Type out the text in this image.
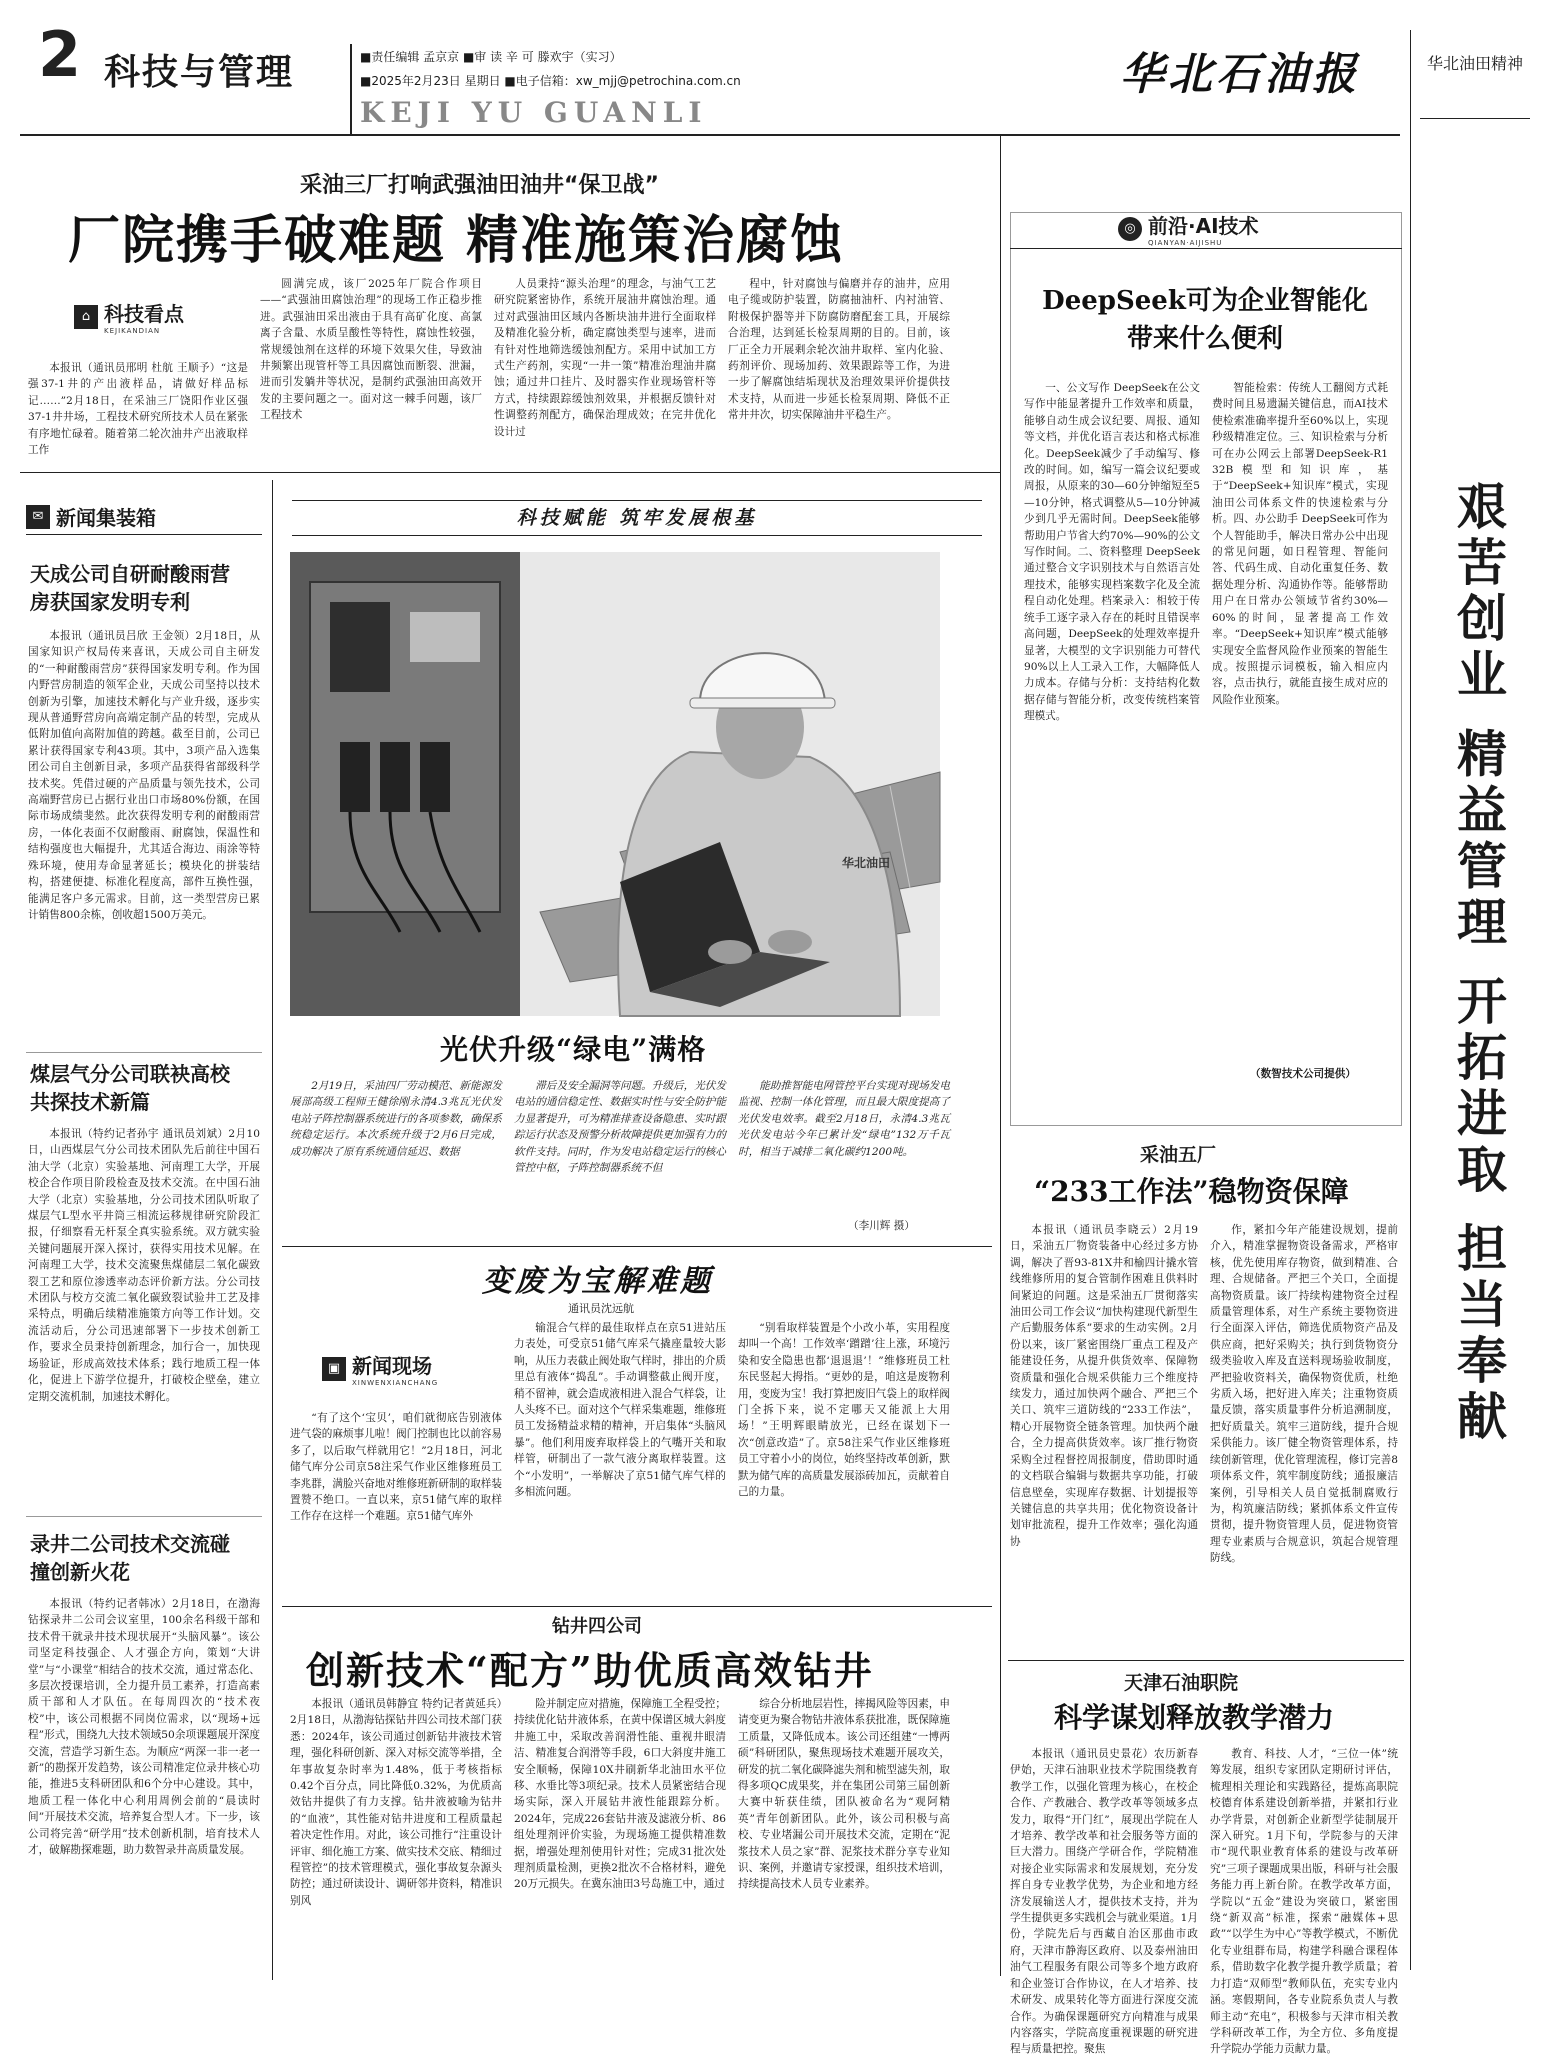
2 科技与管理	■责任编辑 孟京京 ■审 读 辛 可 滕欢宇（实习）
■2025年2月23日 星期日 ■电子信箱：xw_mjj@petrochina.com.cn
KEJI YU GUANLI
华北石油报	华北油田精神
艰苦创业 精益管理 开拓进取 担当奉献
采油三厂打响武强油田油井“保卫战”
厂院携手破难题 精准施策治腐蚀
⌂ 科技看点
KEJIKANDIAN

本报讯（通讯员邢明 杜航 王顺予）“这是强37-1井的产出液样品，请做好样品标记……”2月18日，在采油三厂饶阳作业区强37-1井井场，工程技术研究所技术人员在紧张有序地忙碌着。随着第二轮次油井产出液取样工作

圆满完成，该厂2025年厂院合作项目——“武强油田腐蚀治理”的现场工作正稳步推进。武强油田采出液由于具有高矿化度、高氯离子含量、水质呈酸性等特性，腐蚀性较强，常规缓蚀剂在这样的环境下效果欠佳，导致油井频繁出现管杆等工具因腐蚀而断裂、泄漏，进而引发躺井等状况，是制约武强油田高效开发的主要问题之一。面对这一棘手问题，该厂工程技术

人员秉持“源头治理”的理念，与油气工艺研究院紧密协作，系统开展油井腐蚀治理。通过对武强油田区域内各断块油井进行全面取样及精准化验分析，确定腐蚀类型与速率，进而有针对性地筛选缓蚀剂配方。采用中试加工方式生产药剂，实现“一井一策”精准治理油井腐蚀；通过井口挂片、及时器实作业现场管杆等方式，持续跟踪缓蚀剂效果，并根据反馈针对性调整药剂配方，确保治理成效；在完井优化设计过

程中，针对腐蚀与偏磨并存的油井，应用电子缆或防护装置，防腐抽油杆、内衬油管、附极保护器等并下防腐防磨配套工具，开展综合治理，达到延长检泵周期的目的。目前，该厂正全力开展剩余轮次油井取样、室内化验、药剂评价、现场加药、效果跟踪等工作，为进一步了解腐蚀结垢现状及治理效果评价提供技术支持，从而进一步延长检泵周期、降低不正常井井次，切实保障油井平稳生产。

✉ 新闻集装箱
天成公司自研耐酸雨营房获国家发明专利

本报讯（通讯员吕欣 王金领）2月18日，从国家知识产权局传来喜讯，天成公司自主研发的“一种耐酸雨营房”获得国家发明专利。作为国内野营房制造的领军企业，天成公司坚持以技术创新为引擎，加速技术孵化与产业升级，逐步实现从普通野营房向高端定制产品的转型，完成从低附加值向高附加值的跨越。截至目前，公司已累计获得国家专利43项。其中，3项产品入选集团公司自主创新目录，多项产品获得省部级科学技术奖。凭借过硬的产品质量与领先技术，公司高端野营房已占据行业出口市场80%份额，在国际市场成绩斐然。此次获得发明专利的耐酸雨营房，一体化表面不仅耐酸雨、耐腐蚀，保温性和结构强度也大幅提升，尤其适合海边、雨涂等特殊环境，使用寿命显著延长；模块化的拼装结构，搭建便捷、标准化程度高，部件互换性强，能满足客户多元需求。目前，这一类型营房已累计销售800余栋，创收超1500万美元。

煤层气分公司联袂高校共探技术新篇

本报讯（特约记者孙宇 通讯员刘斌）2月10日，山西煤层气分公司技术团队先后前往中国石油大学（北京）实验基地、河南理工大学，开展校企合作项目阶段检查及技术交流。在中国石油大学（北京）实验基地，分公司技术团队听取了煤层气L型水平井筒三相流运移规律研究阶段汇报，仔细察看无杆泵全真实验系统。双方就实验关键问题展开深入探讨，获得实用技术见解。在河南理工大学，技术交流聚焦煤储层二氧化碳致裂工艺和原位渗透率动态评价新方法。分公司技术团队与校方交流二氧化碳致裂试验井工艺及排采特点，明确后续精准施策方向等工作计划。交流活动后，分公司迅速部署下一步技术创新工作，要求全员秉持创新理念，加行合一，加快现场验证，形成高效技术体系；践行地质工程一体化，促进上下游学位提升，打破校企壁垒，建立定期交流机制，加速技术孵化。

录井二公司技术交流碰撞创新火花

本报讯（特约记者韩冰）2月18日，在渤海钻探录井二公司会议室里，100余名科级干部和技术骨干就录井技术现状展开“头脑风暴”。该公司坚定科技强企、人才强企方向，策划“大讲堂”与“小课堂”相结合的技术交流，通过常态化、多层次授课培训，全力提升员工素养，打造高素质干部和人才队伍。在每周四次的“技术夜校”中，该公司根据不同岗位需求，以“现场+远程”形式，围绕九大技术领域50余项课题展开深度交流，营造学习新生态。为顺应“两深一非一老一新”的勘探开发趋势，该公司精准定位录井核心功能，推进5支科研团队和6个分中心建设。其中，地质工程一体化中心利用周例会前的“晨读时间”开展技术交流，培养复合型人才。下一步，该公司将完善“研学用”技术创新机制，培育技术人才，破解勘探难题，助力数智录井高质量发展。

科技赋能 筑牢发展根基
华北油田
光伏升级“绿电”满格

2月19日，采油四厂劳动模范、新能源发展部高级工程师王健徐刚永清4.3兆瓦光伏发电站子阵控制器系统进行的各项参数，确保系统稳定运行。本次系统升级于2月6日完成，成功解决了原有系统通信延迟、数据

滞后及安全漏洞等问题。升级后，光伏发电站的通信稳定性、数据实时性与安全防护能力显著提升，可为精准排查设备隐患、实时跟踪运行状态及预警分析故障提供更加强有力的软件支持。同时，作为发电站稳定运行的核心管控中枢，子阵控制器系统不但

能助推智能电网管控平台实现对现场发电监视、控制一体化管理，而且最大限度提高了光伏发电效率。截至2月18日，永清4.3兆瓦光伏发电站今年已累计发“绿电”132万千瓦时，相当于减排二氧化碳约1200吨。

（李川辉 摄）
变废为宝解难题
通讯员沈远航
▣ 新闻现场
XINWENXIANCHANG

“有了这个‘宝贝’，咱们就彻底告别液体进气袋的麻烦事儿啦！阀门控制也比以前容易多了，以后取气样就用它！”2月18日，河北储气库分公司京58注采气作业区维修班员工李兆群，满脸兴奋地对维修班新研制的取样装置赞不绝口。一直以来，京51储气库的取样工作存在这样一个难题。京51储气库外

输混合气样的最佳取样点在京51进站压力表处，可受京51储气库采气撬座量较大影响，从压力表截止阀处取气样时，排出的介质里总有液体“捣乱”。手动调整截止阀开度，稍不留神，就会造成液相进入混合气样袋，让人头疼不已。面对这个气样采集难题，维修班员工发扬精益求精的精神，开启集体“头脑风暴”。他们利用废弃取样袋上的气嘴开关和取样管，研制出了一款气液分离取样装置。这个“小发明”，一举解决了京51储气库气样的多相流问题。

“别看取样装置是个小改小革，实用程度却叫一个高！工作效率‘蹭蹭’往上涨，环境污染和安全隐患也都‘退退退’！”维修班员工杜东民竖起大拇指。“更妙的是，咱这是废物利用，变废为宝！我打算把废旧气袋上的取样阀门全拆下来，说不定哪天又能派上大用场！”王明辉眼睛放光，已经在谋划下一次“创意改造”了。京58注采气作业区维修班员工守着小小的岗位，始终坚持改革创新，默默为储气库的高质量发展添砖加瓦，贡献着自己的力量。

钻井四公司
创新技术“配方”助优质高效钻井

本报讯（通讯员韩静宜 特约记者黄延兵）2月18日，从渤海钻探钻井四公司技术部门获悉：2024年，该公司通过创新钻井液技术管理，强化科研创新、深入对标交流等举措，全年事故复杂时率为1.48%，低于考核指标0.42个百分点，同比降低0.32%，为优质高效钻井提供了有力支撑。钻井液被喻为钻井的“血液”，其性能对钻井进度和工程质量起着决定性作用。对此，该公司推行“注重设计评审、细化施工方案、做实技术交底、精细过程管控”的技术管理模式，强化事故复杂源头防控；通过研读设计、调研邻井资料，精准识别风

险并制定应对措施，保障施工全程受控；持续优化钻井液体系，在黄中保谱区城大斜度井施工中，采取改善润滑性能、重视井眼清洁、精准复合润滑等手段，6口大斜度井施工安全顺畅，保障10X井刷新华北油田水平位移、水垂比等3项纪录。技术人员紧密结合现场实际，深入开展钻井液性能跟踪分析。2024年，完成226套钻井液及滤液分析、86组处理剂评价实验，为现场施工提供精准数据，增强处理剂使用针对性；完成31批次处理剂质量检测，更换2批次不合格材料，避免20万元损失。在冀东油田3号岛施工中，通过

综合分析地层岩性，摔揭风险等因素，申请变更为聚合物钻井液体系获批准，既保障施工质量，又降低成本。该公司还组建“一博两硕”科研团队，聚焦现场技术难题开展攻关，研发的抗二氧化碳降滤失剂和梳型滤失剂，取得多项QC成果奖，并在集团公司第三届创新大赛中斩获佳绩，团队被命名为“观阿精英”青年创新团队。此外，该公司积极与高校、专业堵漏公司开展技术交流，定期在“泥浆技术人员之家”群、泥浆技术群分享专业知识、案例，并邀请专家授课，组织技术培训，持续提高技术人员专业素养。

◎ 前沿·AI技术
QIANYAN·AIJISHU
DeepSeek可为企业智能化
带来什么便利

一、公文写作 DeepSeek在公文写作中能显著提升工作效率和质量，能够自动生成会议纪要、周报、通知等文档，并优化语言表达和格式标准化。DeepSeek减少了手动编写、修改的时间。如，编写一篇会议纪要或周报，从原来的30—60分钟缩短至5—10分钟，格式调整从5—10分钟减少到几乎无需时间。DeepSeek能够帮助用户节省大约70%—90%的公文写作时间。二、资料整理 DeepSeek通过整合文字识别技术与自然语言处理技术，能够实现档案数字化及全流程自动化处理。档案录入：相较于传统手工逐字录入存在的耗时且错误率高问题，DeepSeek的处理效率提升显著，大模型的文字识别能力可替代90%以上人工录入工作，大幅降低人力成本。存储与分析：支持结构化数据存储与智能分析，改变传统档案管理模式。

智能检索：传统人工翻阅方式耗费时间且易遗漏关键信息，而AI技术使检索准确率提升至60%以上，实现秒级精准定位。三、知识检索与分析 可在办公网云上部署DeepSeek-R1 32B模型和知识库，基于“DeepSeek+知识库”模式，实现油田公司体系文件的快速检索与分析。四、办公助手 DeepSeek可作为个人智能助手，解决日常办公中出现的常见问题，如日程管理、智能问答、代码生成、自动化重复任务、数据处理分析、沟通协作等。能够帮助用户在日常办公领域节省约30%—60%的时间，显著提高工作效率。“DeepSeek+知识库”模式能够实现安全监督风险作业预案的智能生成。按照提示词模板，输入相应内容，点击执行，就能直接生成对应的风险作业预案。

（数智技术公司提供）
采油五厂
“233工作法”稳物资保障

本报讯（通讯员李晓云）2月19日，采油五厂物资装备中心经过多方协调，解决了晋93-81X井和榆四计撬水管线维修所用的复合管制作困难且供料时间紧迫的问题。这是采油五厂贯彻落实油田公司工作会议“加快构建现代新型生产后勤服务体系”要求的生动实例。2月份以来，该厂紧密围绕厂重点工程及产能建设任务，从提升供货效率、保障物资质量和强化合规采供能力三个维度持续发力，通过加快两个融合、严把三个关口、筑牢三道防线的“233工作法”，精心开展物资全链条管理。加快两个融合，全力提高供货效率。该厂推行物资采购全过程督控周报制度，借助即时通的文档联合编辑与数据共享功能，打破信息壁垒，实现库存数据、计划提报等关键信息的共享共用；优化物资设备计划审批流程，提升工作效率；强化沟通协

作，紧扣今年产能建设规划，提前介入，精准掌握物资设备需求，严格审核，优先使用库存物资，做到精准、合理、合规储备。严把三个关口，全面提高物资质量。该厂持续构建物资全过程质量管理体系，对生产系统主要物资进行全面深入评估，筛选优质物资产品及供应商，把好采购关；执行到货物资分级类验收入库及直送料现场验收制度，严把验收资料关，确保物资优质，杜绝劣质入场，把好进入库关；注重物资质量反馈，落实质量事件分析追溯制度，把好质量关。筑牢三道防线，提升合规采供能力。该厂健全物资管理体系，持续创新管理，优化管理流程，修订完善8项体系文件，筑牢制度防线；通报廉洁案例，引导相关人员自觉抵制腐败行为，构筑廉洁防线；紧抓体系文件宣传贯彻，提升物资管理人员，促进物资管理专业素质与合规意识，筑起合规管理防线。

天津石油职院
科学谋划释放教学潜力

本报讯（通讯员史景花）农历新春伊始，天津石油职业技术学院围绕教育教学工作，以强化管理为核心，在校企合作、产教融合、教学改革等领域多点发力，取得“开门红”，展现出学院在人才培养、教学改革和社会服务等方面的巨大潜力。围绕产学研合作，学院精准对接企业实际需求和发展规划，充分发挥自身专业教学优势，为企业和地方经济发展输送人才，提供技术支持，并为学生提供更多实践机会与就业渠道。1月份，学院先后与西藏自治区那曲市政府，天津市静海区政府、以及泰州油田油气工程服务有限公司等多个地方政府和企业签订合作协议，在人才培养、技术研发、成果转化等方面进行深度交流合作。为确保课题研究方向精准与成果内容落实，学院高度重视课题的研究进程与质量把控。聚焦

教育、科技、人才，“三位一体”统筹发展，组织专家团队定期研讨评估，梳理相关理论和实践路径，提炼高职院校德育体系建设创新举措，并紧扣行业办学背景，对创新企业新型学徒制展开深入研究。1月下旬，学院参与的天津市“现代职业教育体系的建设与改革研究”三项子课题成果出版，科研与社会服务能力再上新台阶。在教学改革方面，学院以“五金”建设为突破口，紧密围绕“新双高”标准，探索“融媒体+思政”“以学生为中心”等教学模式，不断优化专业组群布局，构建学科融合课程体系，借助数字化教学提升教学质量；着力打造“双师型”教师队伍，充实专业内涵。寒假期间，各专业院系负责人与教师主动“充电”，积极参与天津市相关教学科研改革工作，为全方位、多角度提升学院办学能力贡献力量。
